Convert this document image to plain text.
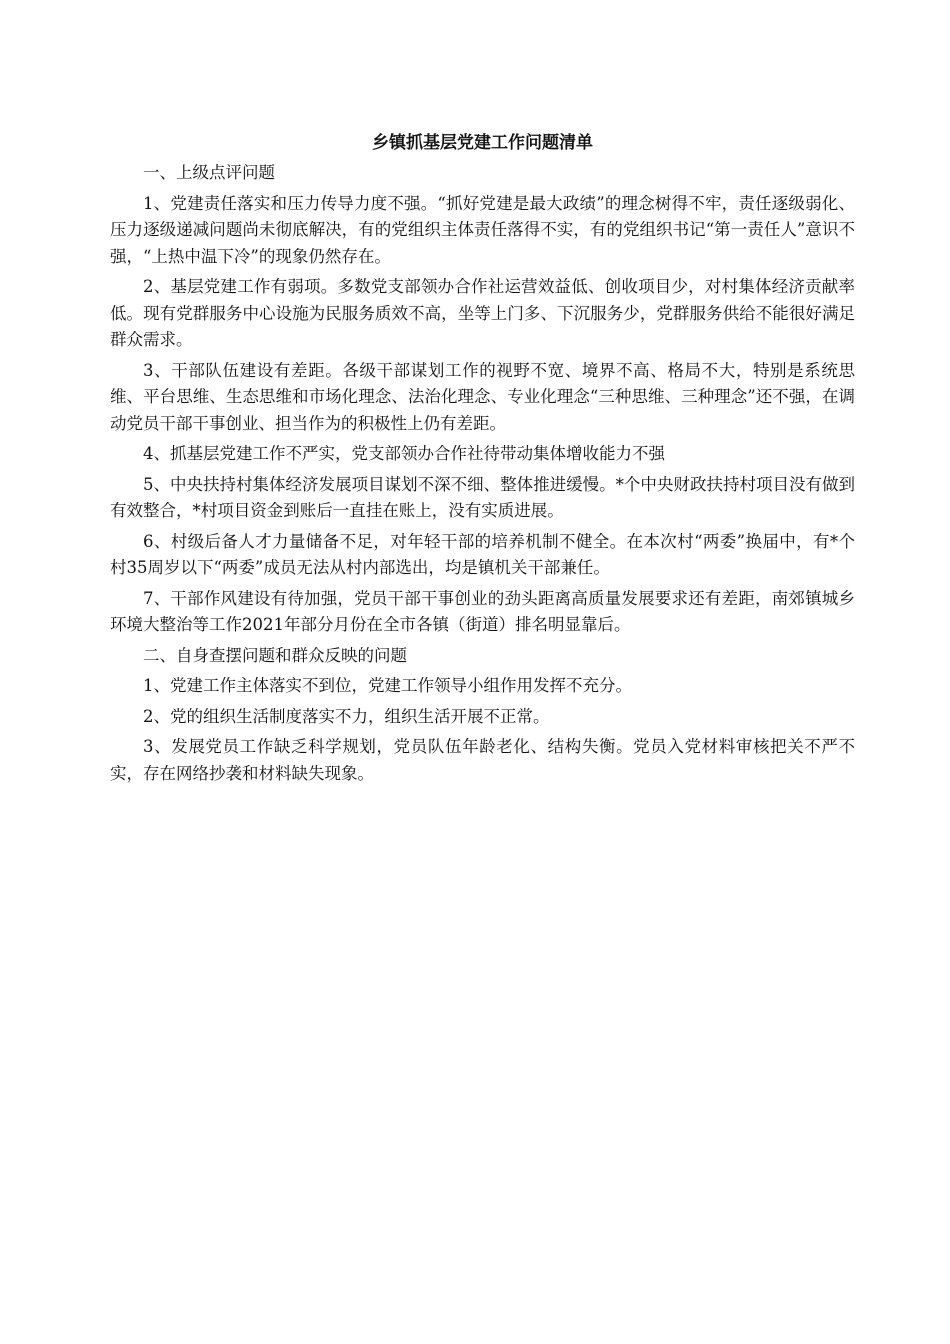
乡镇抓基层党建工作问题清单
一、上级点评问题
1、党建责任落实和压力传导力度不强。“抓好党建是最大政绩”的理念树得不牢，责任逐级弱化、压力逐级递减问题尚未彻底解决，有的党组织主体责任落得不实，有的党组织书记“第一责任人”意识不强，“上热中温下冷”的现象仍然存在。
2、基层党建工作有弱项。多数党支部领办合作社运营效益低、创收项目少，对村集体经济贡献率低。现有党群服务中心设施为民服务质效不高，坐等上门多、下沉服务少，党群服务供给不能很好满足群众需求。
3、干部队伍建设有差距。各级干部谋划工作的视野不宽、境界不高、格局不大，特别是系统思维、平台思维、生态思维和市场化理念、法治化理念、专业化理念“三种思维、三种理念”还不强，在调动党员干部干事创业、担当作为的积极性上仍有差距。
4、抓基层党建工作不严实，党支部领办合作社待带动集体增收能力不强
5、中央扶持村集体经济发展项目谋划不深不细、整体推进缓慢。*个中央财政扶持村项目没有做到有效整合，*村项目资金到账后一直挂在账上，没有实质进展。
6、村级后备人才力量储备不足，对年轻干部的培养机制不健全。在本次村“两委”换届中，有*个村35周岁以下“两委”成员无法从村内部选出，均是镇机关干部兼任。
7、干部作风建设有待加强，党员干部干事创业的劲头距离高质量发展要求还有差距，南郊镇城乡环境大整治等工作2021年部分月份在全市各镇（街道）排名明显靠后。
二、自身查摆问题和群众反映的问题
1、党建工作主体落实不到位，党建工作领导小组作用发挥不充分。
2、党的组织生活制度落实不力，组织生活开展不正常。
3、发展党员工作缺乏科学规划，党员队伍年龄老化、结构失衡。党员入党材料审核把关不严不实，存在网络抄袭和材料缺失现象。
